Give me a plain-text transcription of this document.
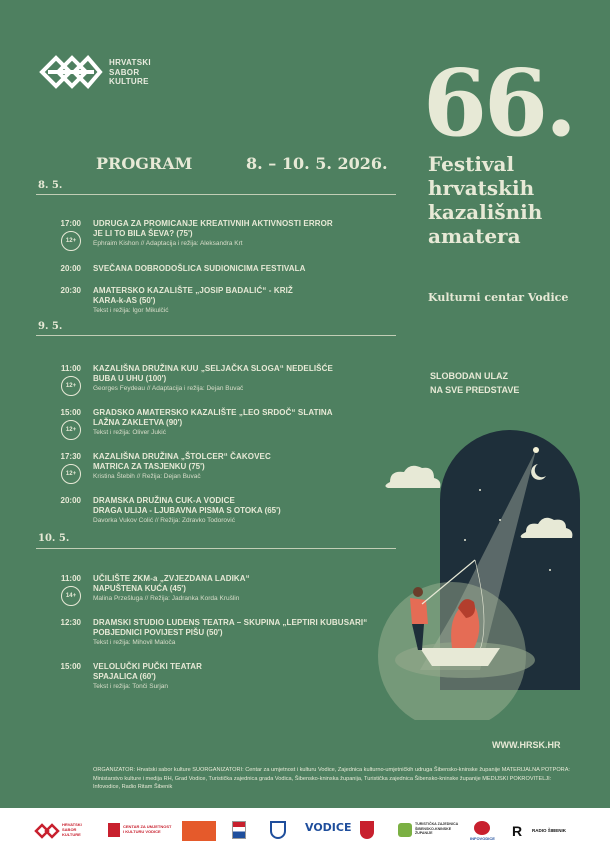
HRVATSKI
SABOR
KULTURE	66.
Festival
hrvatskih
kazališnih
amatera
Kulturni centar Vodice
PROGRAM	8. – 10. 5. 2026.
8. 5.
17:00 UDRUGA ZA PROMICANJE KREATIVNIH AKTIVNOSTI ERROR
JE LI TO BILA ŠEVA? (75')
Ephraim Kishon // Adaptacija i režija: Aleksandra Krt
12+
20:00 SVEČANA DOBRODOŠLICA SUDIONICIMA FESTIVALA
20:30 AMATERSKO KAZALIŠTE „JOSIP BADALIĆ“ - KRIŽ
KARA-k-AS (50')
Tekst i režija: Igor Mikulčić
9. 5.
11:00 KAZALIŠNA DRUŽINA KUU „SELJAČKA SLOGA“ NEDELIŠĆE
BUBA U UHU (100')
Georges Feydeau // Adaptacija i režija: Dejan Buvač
12+
15:00 GRADSKO AMATERSKO KAZALIŠTE „LEO SRDOČ“ SLATINA
LAŽNA ZAKLETVA (90')
Tekst i režija: Oliver Jukić
12+
17:30 KAZALIŠNA DRUŽINA „ŠTOLCER“ ČAKOVEC
MATRICA ZA TASJENKU (75')
Kristina Štebih // Režija: Dejan Buvač
12+
20:00 DRAMSKA DRUŽINA CUK-A VODICE
DRAGA ULIJA - LJUBAVNA PISMA S OTOKA (65')
Davorka Vukov Colić // Režija: Zdravko Todorović
10. 5.
11:00 UČILIŠTE ZKM-a „ZVJEZDANA LADIKA“
NAPUŠTENA KUĆA (45')
Malina Przešluga // Režija: Jadranka Korda Krušlin
14+
12:30 DRAMSKI STUDIO LUDENS TEATRA – SKUPINA „LEPTIRI KUBUSARI“
POBJEDNICI POVIJEST PIŠU (50')
Tekst i režija: Mihovil Maloča
15:00 VELOLUČKI PUČKI TEATAR
SPAJALICA (60')
Tekst i režija: Tonči Surjan
SLOBODAN ULAZ
NA SVE PREDSTAVE
WWW.HRSK.HR
ORGANIZATOR: Hrvatski sabor kulture SUORGANIZATORI: Centar za umjetnost i kulturu Vodice, Zajednica kulturno-umjetničkih udruga Šibensko-kninske županije MATERIJALNA POTPORA: Ministarstvo kulture i medija RH, Grad Vodice, Turistička zajednica grada Vodica, Šibensko-kninska županija, Turistička zajednica Šibensko-kninske županije MEDIJSKI POKROVITELJI: Infovodice, Radio Ritam Šibenik
HRVATSKI
SABOR
KULTURE
CENTAR ZA UMJETNOST
I KULTURU VODICE	VODICE	TURISTIČKA ZAJEDNICA
ŠIBENSKO-KNINSKE
ŽUPANIJE
INFOVODICE R RADIO ŠIBENIK
